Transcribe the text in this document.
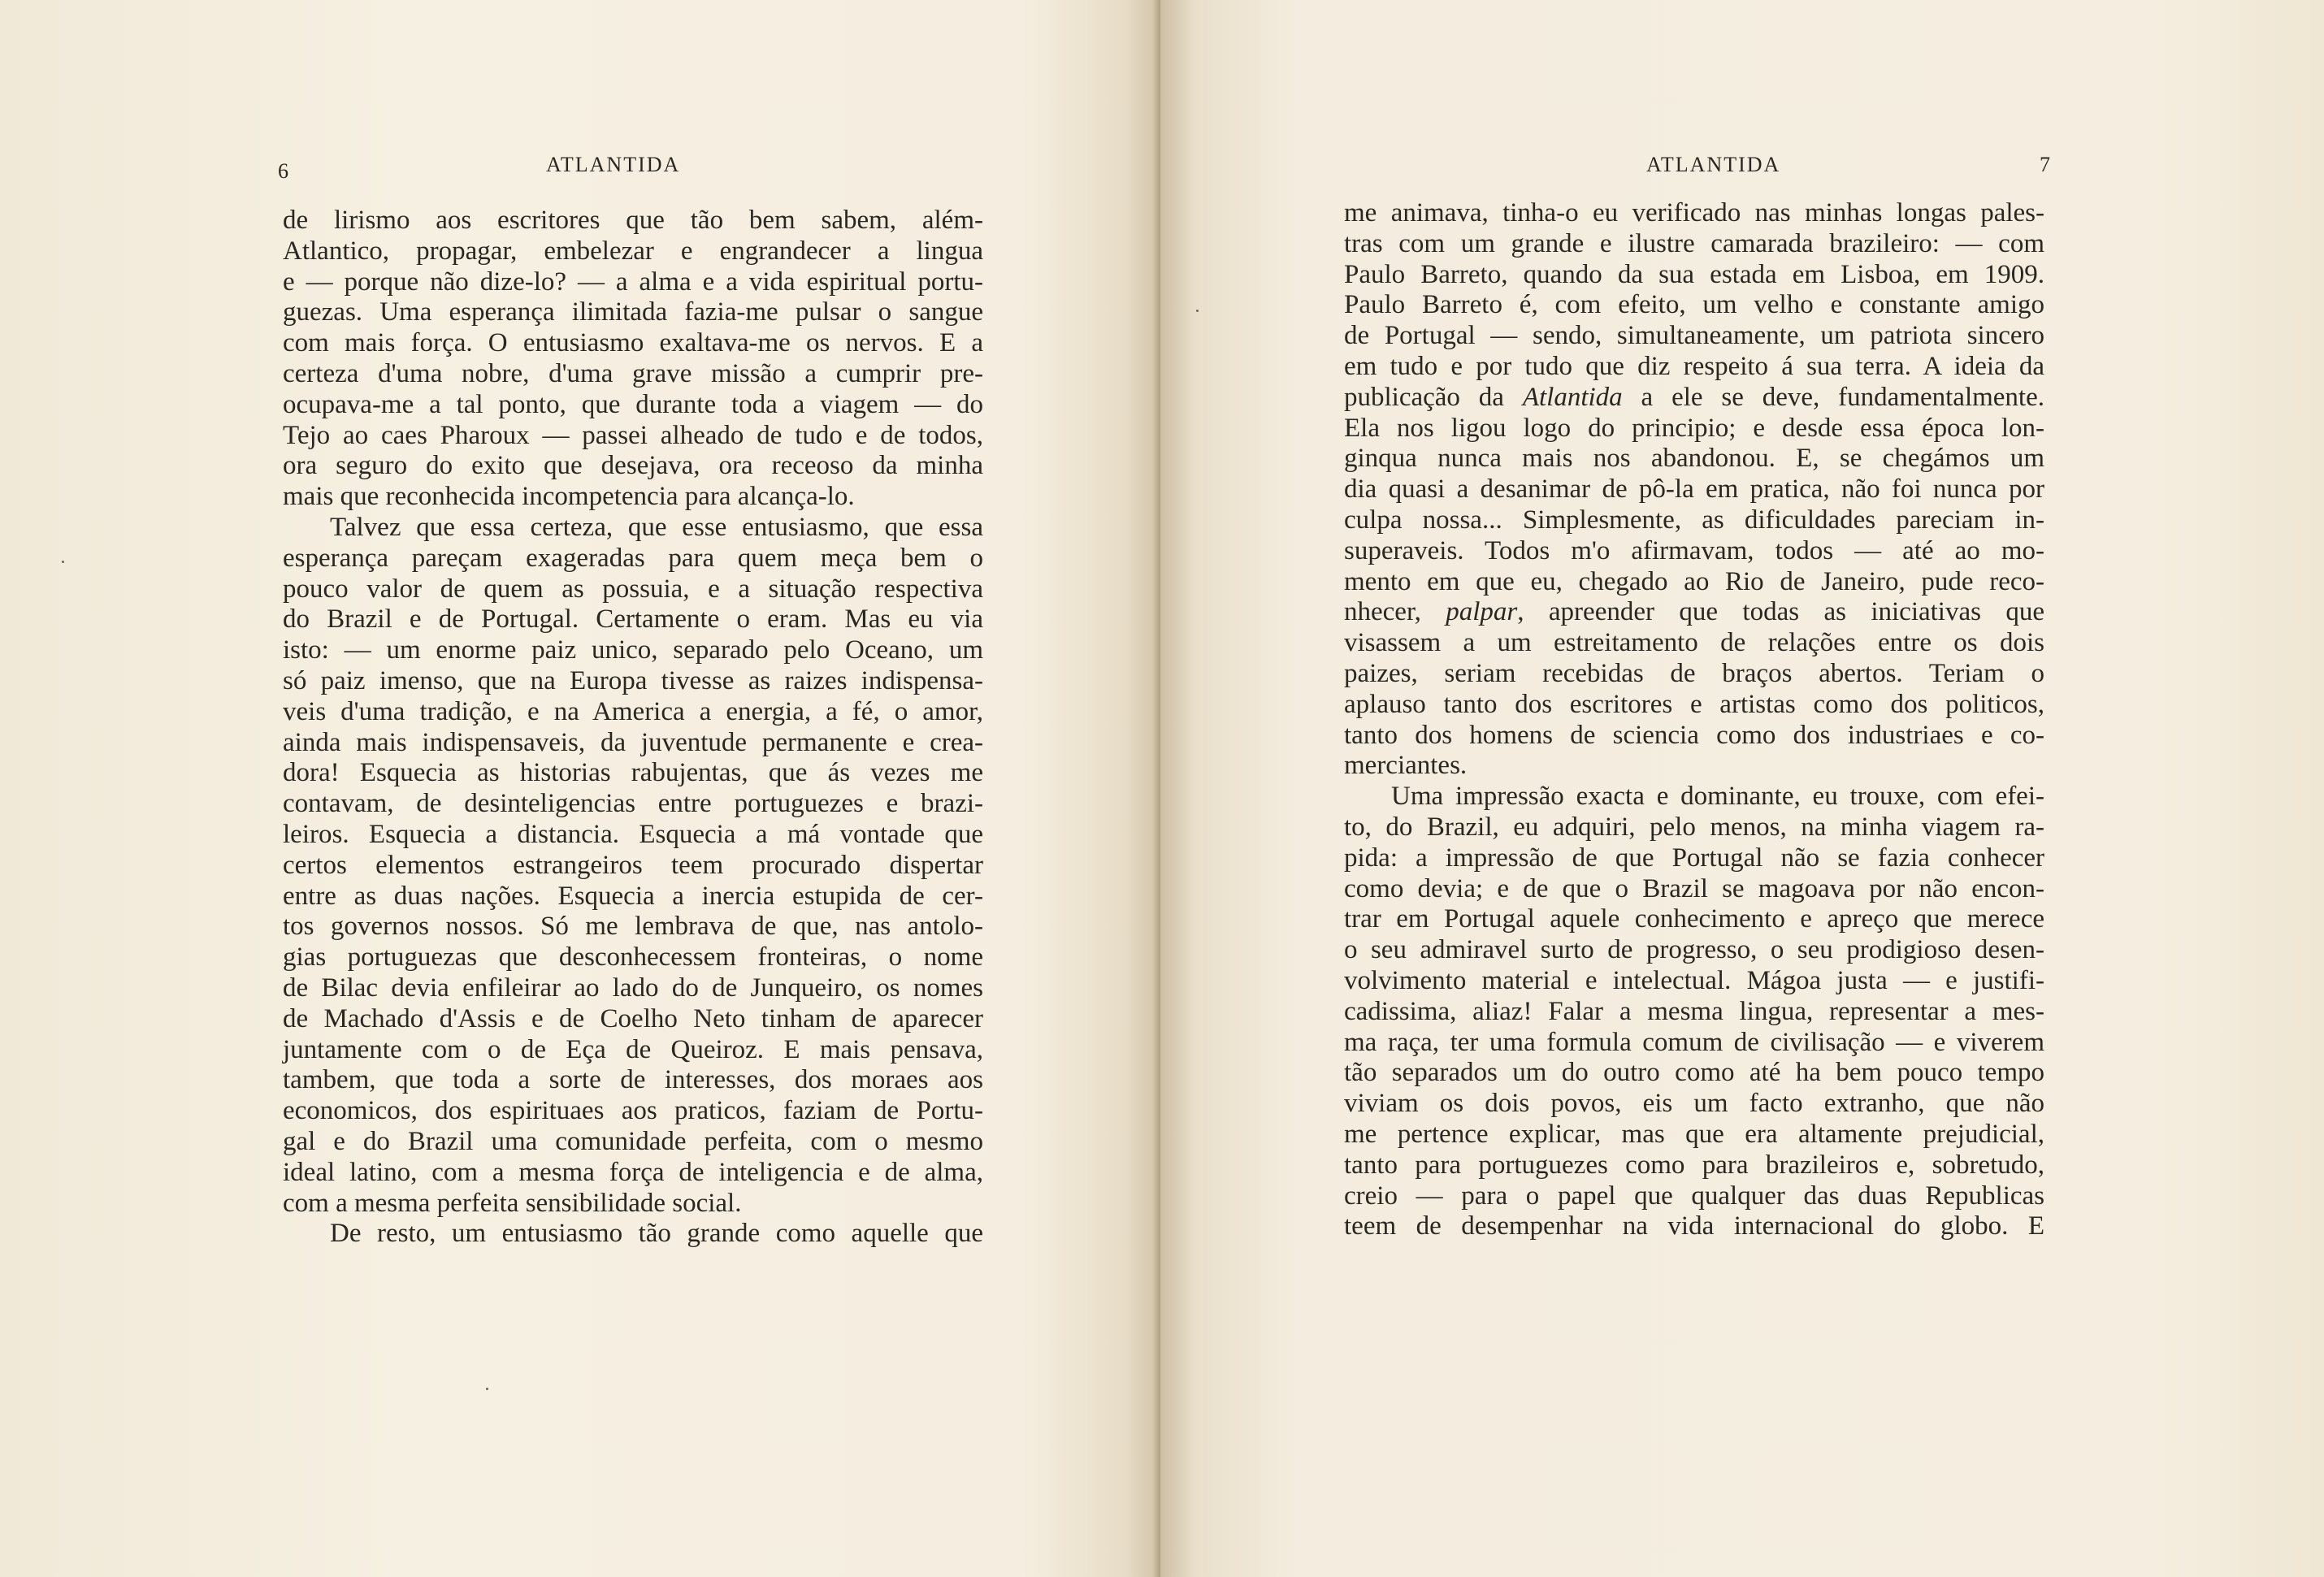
6	ATLANTIDA
de lirismo aos escritores que tão bem sabem, além-
Atlantico, propagar, embelezar e engrandecer a lingua
e — porque não dize-lo? — a alma e a vida espiritual portu-
guezas. Uma esperança ilimitada fazia-me pulsar o sangue
com mais força. O entusiasmo exaltava-me os nervos. E a
certeza d'uma nobre, d'uma grave missão a cumprir pre-
ocupava-me a tal ponto, que durante toda a viagem — do
Tejo ao caes Pharoux — passei alheado de tudo e de todos,
ora seguro do exito que desejava, ora receoso da minha
mais que reconhecida incompetencia para alcança-lo.
Talvez que essa certeza, que esse entusiasmo, que essa
esperança pareçam exageradas para quem meça bem o
pouco valor de quem as possuia, e a situação respectiva
do Brazil e de Portugal. Certamente o eram. Mas eu via
isto: — um enorme paiz unico, separado pelo Oceano, um
só paiz imenso, que na Europa tivesse as raizes indispensa-
veis d'uma tradição, e na America a energia, a fé, o amor,
ainda mais indispensaveis, da juventude permanente e crea-
dora! Esquecia as historias rabujentas, que ás vezes me
contavam, de desinteligencias entre portuguezes e brazi-
leiros. Esquecia a distancia. Esquecia a má vontade que
certos elementos estrangeiros teem procurado dispertar
entre as duas nações. Esquecia a inercia estupida de cer-
tos governos nossos. Só me lembrava de que, nas antolo-
gias portuguezas que desconhecessem fronteiras, o nome
de Bilac devia enfileirar ao lado do de Junqueiro, os nomes
de Machado d'Assis e de Coelho Neto tinham de aparecer
juntamente com o de Eça de Queiroz. E mais pensava,
tambem, que toda a sorte de interesses, dos moraes aos
economicos, dos espirituaes aos praticos, faziam de Portu-
gal e do Brazil uma comunidade perfeita, com o mesmo
ideal latino, com a mesma força de inteligencia e de alma,
com a mesma perfeita sensibilidade social.
De resto, um entusiasmo tão grande como aquelle que
ATLANTIDA	7
me animava, tinha-o eu verificado nas minhas longas pales-
tras com um grande e ilustre camarada brazileiro: — com
Paulo Barreto, quando da sua estada em Lisboa, em 1909.
Paulo Barreto é, com efeito, um velho e constante amigo
de Portugal — sendo, simultaneamente, um patriota sincero
em tudo e por tudo que diz respeito á sua terra. A ideia da
publicação da Atlantida a ele se deve, fundamentalmente.
Ela nos ligou logo do principio; e desde essa época lon-
ginqua nunca mais nos abandonou. E, se chegámos um
dia quasi a desanimar de pô-la em pratica, não foi nunca por
culpa nossa... Simplesmente, as dificuldades pareciam in-
superaveis. Todos m'o afirmavam, todos — até ao mo-
mento em que eu, chegado ao Rio de Janeiro, pude reco-
nhecer, palpar, apreender que todas as iniciativas que
visassem a um estreitamento de relações entre os dois
paizes, seriam recebidas de braços abertos. Teriam o
aplauso tanto dos escritores e artistas como dos politicos,
tanto dos homens de sciencia como dos industriaes e co-
merciantes.
Uma impressão exacta e dominante, eu trouxe, com efei-
to, do Brazil, eu adquiri, pelo menos, na minha viagem ra-
pida: a impressão de que Portugal não se fazia conhecer
como devia; e de que o Brazil se magoava por não encon-
trar em Portugal aquele conhecimento e apreço que merece
o seu admiravel surto de progresso, o seu prodigioso desen-
volvimento material e intelectual. Mágoa justa — e justifi-
cadissima, aliaz! Falar a mesma lingua, representar a mes-
ma raça, ter uma formula comum de civilisação — e viverem
tão separados um do outro como até ha bem pouco tempo
viviam os dois povos, eis um facto extranho, que não
me pertence explicar, mas que era altamente prejudicial,
tanto para portuguezes como para brazileiros e, sobretudo,
creio — para o papel que qualquer das duas Republicas
teem de desempenhar na vida internacional do globo. E
